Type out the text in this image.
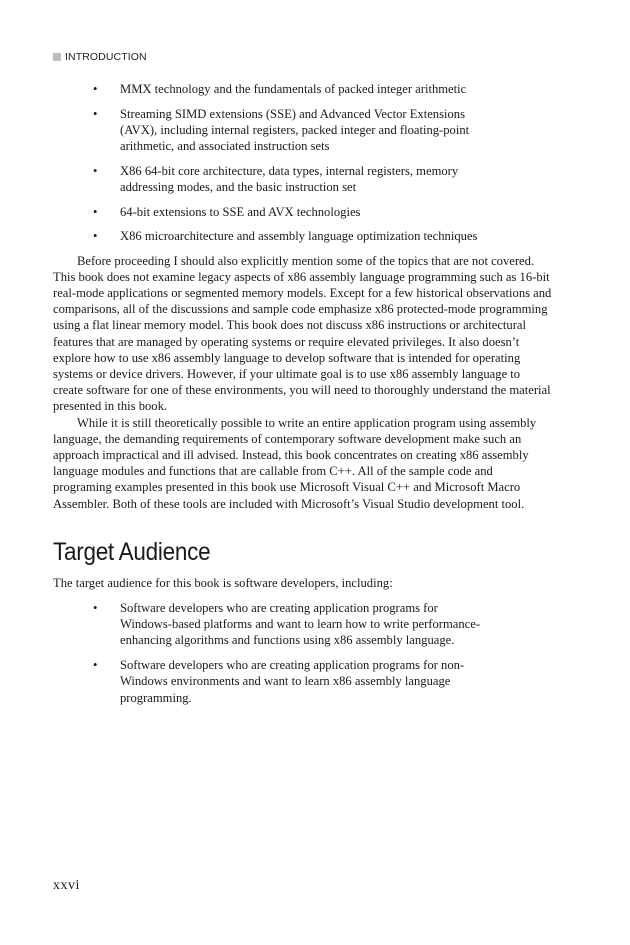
INTRODUCTION
• MMX technology and the fundamentals of packed integer arithmetic
• Streaming SIMD extensions (SSE) and Advanced Vector Extensions (AVX), including internal registers, packed integer and floating-point arithmetic, and associated instruction sets
• X86 64-bit core architecture, data types, internal registers, memory addressing modes, and the basic instruction set
• 64-bit extensions to SSE and AVX technologies
• X86 microarchitecture and assembly language optimization techniques

Before proceeding I should also explicitly mention some of the topics that are not covered. This book does not examine legacy aspects of x86 assembly language programming such as 16-bit real-mode applications or segmented memory models. Except for a few historical observations and comparisons, all of the discussions and sample code emphasize x86 protected-mode programming using a flat linear memory model. This book does not discuss x86 instructions or architectural features that are managed by operating systems or require elevated privileges. It also doesn’t explore how to use x86 assembly language to develop software that is intended for operating systems or device drivers. However, if your ultimate goal is to use x86 assembly language to create software for one of these environments, you will need to thoroughly understand the material presented in this book.

While it is still theoretically possible to write an entire application program using assembly language, the demanding requirements of contemporary software development make such an approach impractical and ill advised. Instead, this book concentrates on creating x86 assembly language modules and functions that are callable from C++. All of the sample code and programing examples presented in this book use Microsoft Visual C++ and Microsoft Macro Assembler. Both of these tools are included with Microsoft’s Visual Studio development tool.

Target Audience

The target audience for this book is software developers, including:

• Software developers who are creating application programs for Windows-based platforms and want to learn how to write performance-enhancing algorithms and functions using x86 assembly language.
• Software developers who are creating application programs for non-Windows environments and want to learn x86 assembly language programming.
xxvi
